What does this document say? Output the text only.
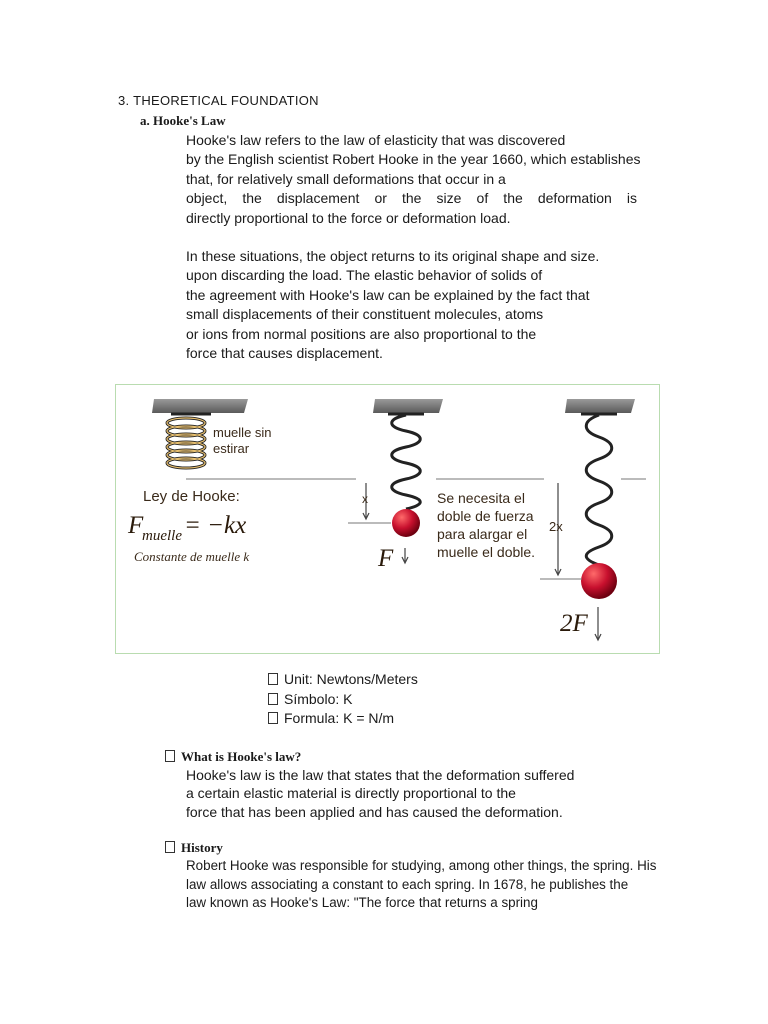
3. THEORETICAL FOUNDATION
a. Hooke's Law
Hooke's law refers to the law of elasticity that was discovered
by the English scientist Robert Hooke in the year 1660, which establishes
that, for relatively small deformations that occur in a
object, the displacement or the size of the deformation is
directly proportional to the force or deformation load.
In these situations, the object returns to its original shape and size.
upon discarding the load. The elastic behavior of solids of
the agreement with Hooke's law can be explained by the fact that
small displacements of their constituent molecules, atoms
or ions from normal positions are also proportional to the
force that causes displacement.
muelle sin
estirar
Ley de Hooke:
F
muelle = −kx
Constante de muelle k
x
F
Se necesita el
doble de fuerza
para alargar el
muelle el doble.
2x
2F
Unit: Newtons/Meters
Símbolo: K
Formula: K = N/m
What is Hooke's law?
Hooke's law is the law that states that the deformation suffered
a certain elastic material is directly proportional to the
force that has been applied and has caused the deformation.
History
Robert Hooke was responsible for studying, among other things, the spring. His
law allows associating a constant to each spring. In 1678, he publishes the
law known as Hooke's Law: "The force that returns a spring
